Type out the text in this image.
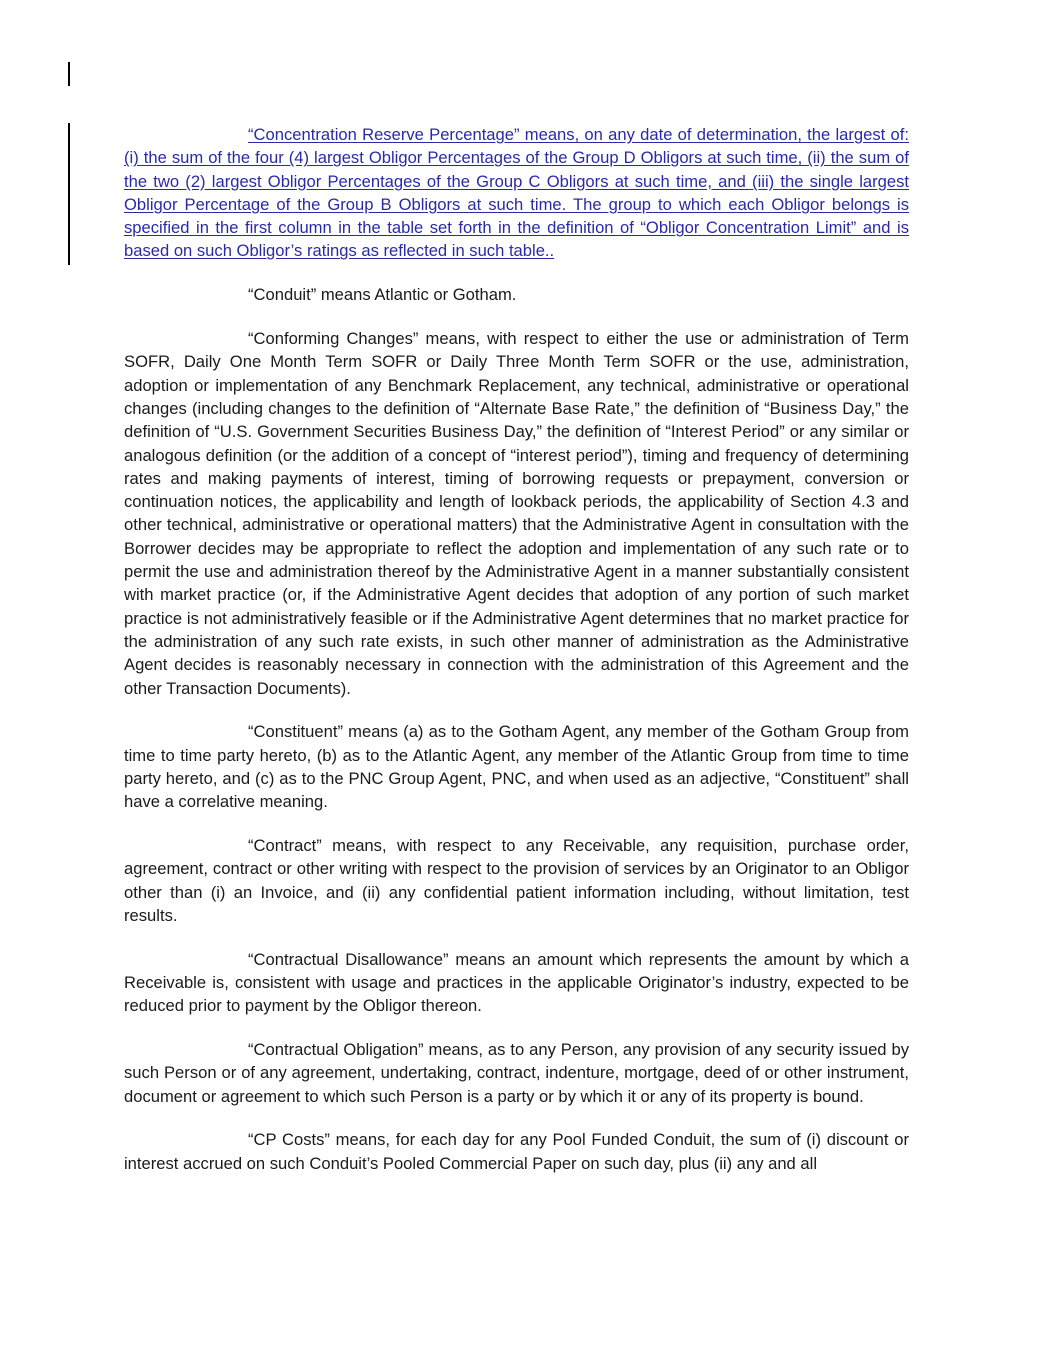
“Concentration Reserve Percentage” means, on any date of determination, the largest of: (i) the sum of the four (4) largest Obligor Percentages of the Group D Obligors at such time, (ii) the sum of the two (2) largest Obligor Percentages of the Group C Obligors at such time, and (iii) the single largest Obligor Percentage of the Group B Obligors at such time. The group to which each Obligor belongs is specified in the first column in the table set forth in the definition of “Obligor Concentration Limit” and is based on such Obligor’s ratings as reflected in such table..

“Conduit” means Atlantic or Gotham.

“Conforming Changes” means, with respect to either the use or administration of Term SOFR, Daily One Month Term SOFR or Daily Three Month Term SOFR or the use, administration, adoption or implementation of any Benchmark Replacement, any technical, administrative or operational changes (including changes to the definition of “Alternate Base Rate,” the definition of “Business Day,” the definition of “U.S. Government Securities Business Day,” the definition of “Interest Period” or any similar or analogous definition (or the addition of a concept of “interest period”), timing and frequency of determining rates and making payments of interest, timing of borrowing requests or prepayment, conversion or continuation notices, the applicability and length of lookback periods, the applicability of Section 4.3 and other technical, administrative or operational matters) that the Administrative Agent in consultation with the Borrower decides may be appropriate to reflect the adoption and implementation of any such rate or to permit the use and administration thereof by the Administrative Agent in a manner substantially consistent with market practice (or, if the Administrative Agent decides that adoption of any portion of such market practice is not administratively feasible or if the Administrative Agent determines that no market practice for the administration of any such rate exists, in such other manner of administration as the Administrative Agent decides is reasonably necessary in connection with the administration of this Agreement and the other Transaction Documents).

“Constituent” means (a) as to the Gotham Agent, any member of the Gotham Group from time to time party hereto, (b) as to the Atlantic Agent, any member of the Atlantic Group from time to time party hereto, and (c) as to the PNC Group Agent, PNC, and when used as an adjective, “Constituent” shall have a correlative meaning.

“Contract” means, with respect to any Receivable, any requisition, purchase order, agreement, contract or other writing with respect to the provision of services by an Originator to an Obligor other than (i) an Invoice, and (ii) any confidential patient information including, without limitation, test results.

“Contractual Disallowance” means an amount which represents the amount by which a Receivable is, consistent with usage and practices in the applicable Originator’s industry, expected to be reduced prior to payment by the Obligor thereon.

“Contractual Obligation” means, as to any Person, any provision of any security issued by such Person or of any agreement, undertaking, contract, indenture, mortgage, deed of or other instrument, document or agreement to which such Person is a party or by which it or any of its property is bound.

“CP Costs” means, for each day for any Pool Funded Conduit, the sum of (i) discount or interest accrued on such Conduit’s Pooled Commercial Paper on such day, plus (ii) any and all
